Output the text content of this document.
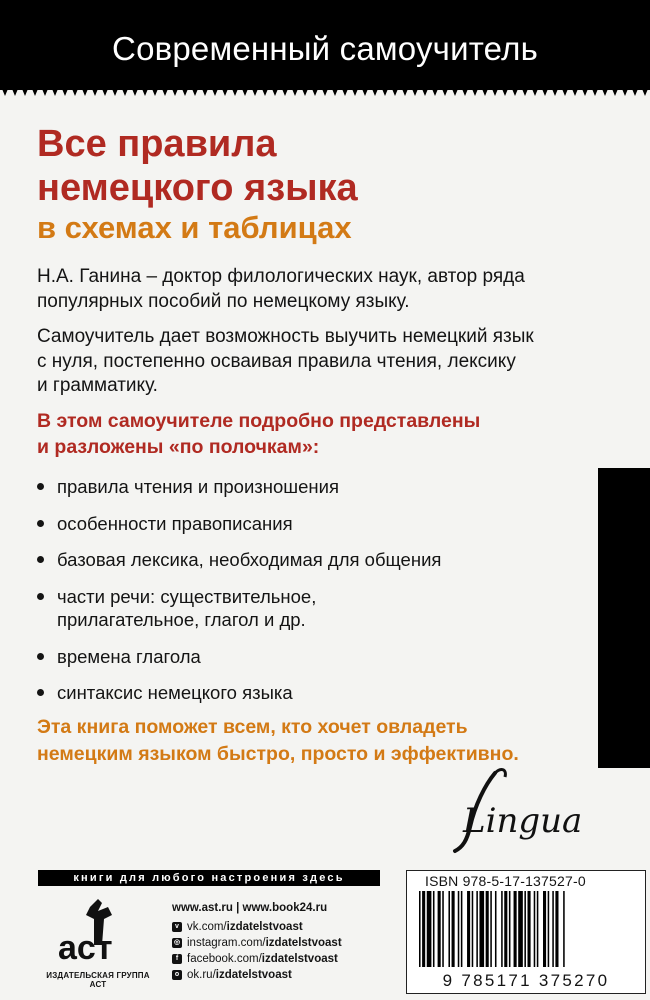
Современный самоучитель
Все правила
немецкого языка
в схемах и таблицах
Н.А. Ганина – доктор филологических наук, автор ряда
популярных пособий по немецкому языку.
Самоучитель дает возможность выучить немецкий язык
с нуля, постепенно осваивая правила чтения, лексику
и грамматику.
В этом самоучителе подробно представлены
и разложены «по полочкам»:
правила чтения и произношения
особенности правописания
базовая лексика, необходимая для общения
части речи: существительное,
прилагательное, глагол и др.
времена глагола
синтаксис немецкого языка
Эта книга поможет всем, кто хочет овладеть
немецким языком быстро, просто и эффективно.
Lingua
книги для любого настроения здесь
аст
ИЗДАТЕЛЬСКАЯ ГРУППА АСТ
www.ast.ru | www.book24.ru
v vk.com/ izdatelstvoast
◎ instagram.com/ izdatelstvoast
f facebook.com/ izdatelstvoast
o ok.ru/ izdatelstvoast
ISBN 978-5-17-137527-0
9 785171 375270
